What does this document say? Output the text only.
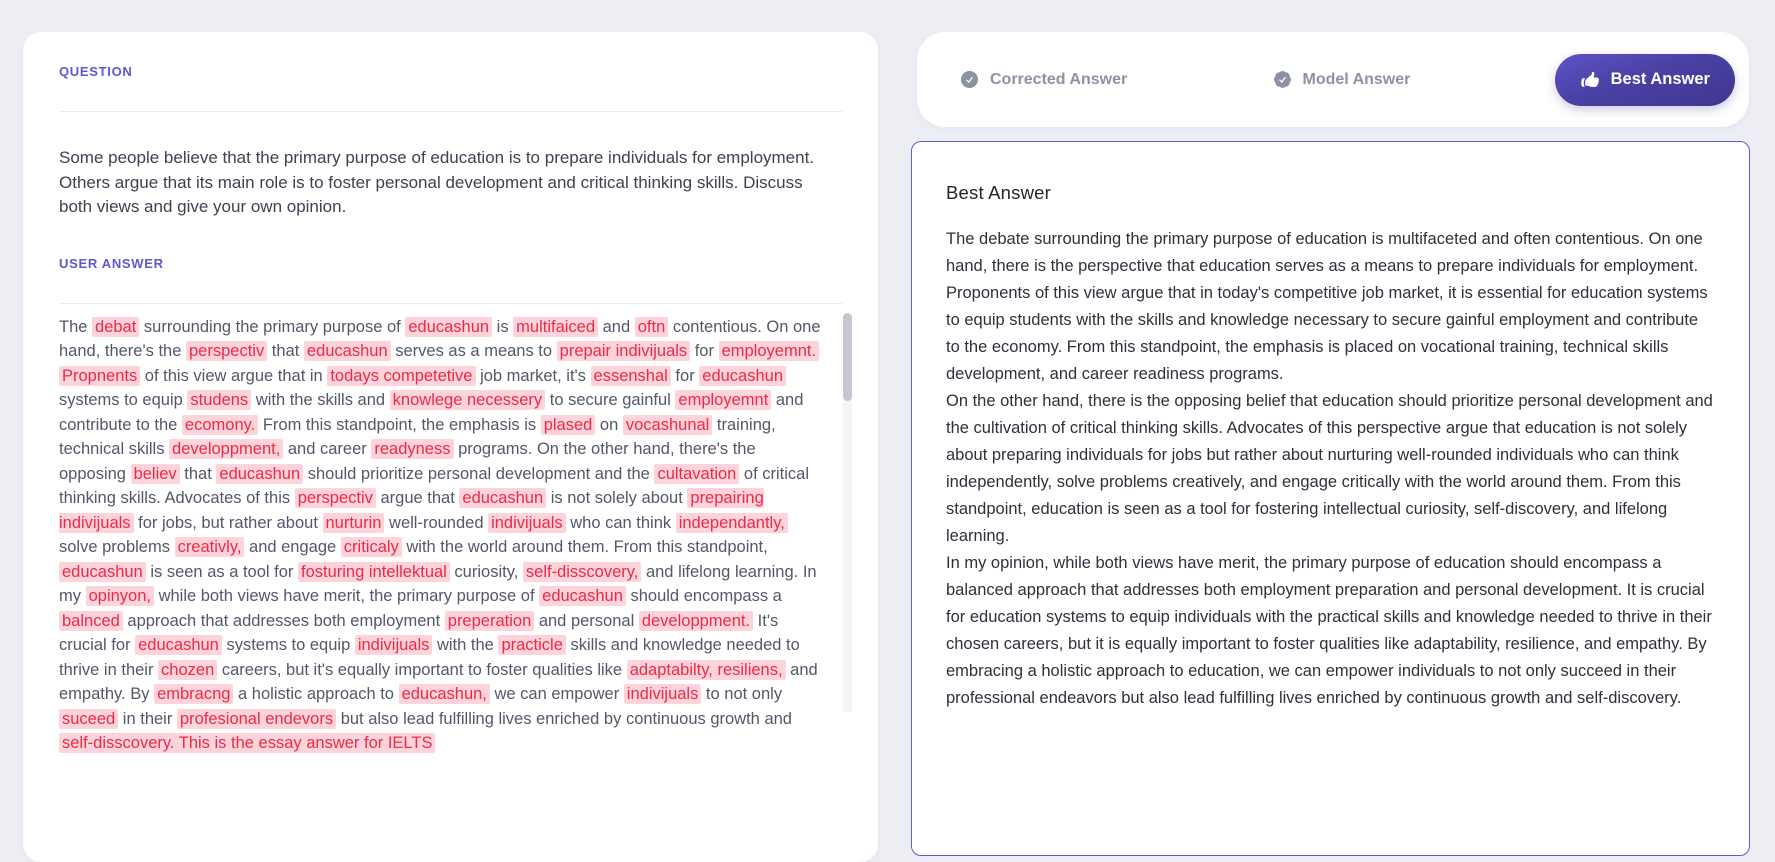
QUESTION

Some people believe that the primary purpose of education is to prepare individuals for employment. Others argue that its main role is to foster personal development and critical thinking skills. Discuss both views and give your own opinion.

USER ANSWER
The debat surrounding the primary purpose of educashun is multifaiced and oftn contentious. On one hand, there's the perspectiv that educashun serves as a means to prepair indivijuals for employemnt. Propnents of this view argue that in todays competetive job market, it's essenshal for educashun systems to equip studens with the skills and knowlege necessery to secure gainful employemnt and contribute to the ecomony. From this standpoint, the emphasis is plased on vocashunal training, technical skills developpment, and career readyness programs. On the other hand, there's the opposing believ that educashun should prioritize personal development and the cultavation of critical thinking skills. Advocates of this perspectiv argue that educashun is not solely about prepairing indivijuals for jobs, but rather about nurturin well-rounded indivijuals who can think independantly, solve problems creativly, and engage criticaly with the world around them. From this standpoint, educashun is seen as a tool for fosturing intellektual curiosity, self-disscovery, and lifelong learning. In my opinyon, while both views have merit, the primary purpose of educashun should encompass a balnced approach that addresses both employment preperation and personal developpment. It's crucial for educashun systems to equip indivijuals with the practicle skills and knowledge needed to thrive in their chozen careers, but it's equally important to foster qualities like adaptabilty, resiliens, and empathy. By embracng a holistic approach to educashun, we can empower indivijuals to not only suceed in their profesional endevors but also lead fulfilling lives enriched by continuous growth and self-disscovery. This is the essay answer for IELTS
Corrected Answer	Model Answer	Best Answer
Best Answer

The debate surrounding the primary purpose of education is multifaceted and often contentious. On one hand, there is the perspective that education serves as a means to prepare individuals for employment. Proponents of this view argue that in today's competitive job market, it is essential for education systems to equip students with the skills and knowledge necessary to secure gainful employment and contribute to the economy. From this standpoint, the emphasis is placed on vocational training, technical skills development, and career readiness programs.

On the other hand, there is the opposing belief that education should prioritize personal development and the cultivation of critical thinking skills. Advocates of this perspective argue that education is not solely about preparing individuals for jobs but rather about nurturing well-rounded individuals who can think independently, solve problems creatively, and engage critically with the world around them. From this standpoint, education is seen as a tool for fostering intellectual curiosity, self-discovery, and lifelong learning.

In my opinion, while both views have merit, the primary purpose of education should encompass a balanced approach that addresses both employment preparation and personal development. It is crucial for education systems to equip individuals with the practical skills and knowledge needed to thrive in their chosen careers, but it is equally important to foster qualities like adaptability, resilience, and empathy. By embracing a holistic approach to education, we can empower individuals to not only succeed in their professional endeavors but also lead fulfilling lives enriched by continuous growth and self-discovery.
